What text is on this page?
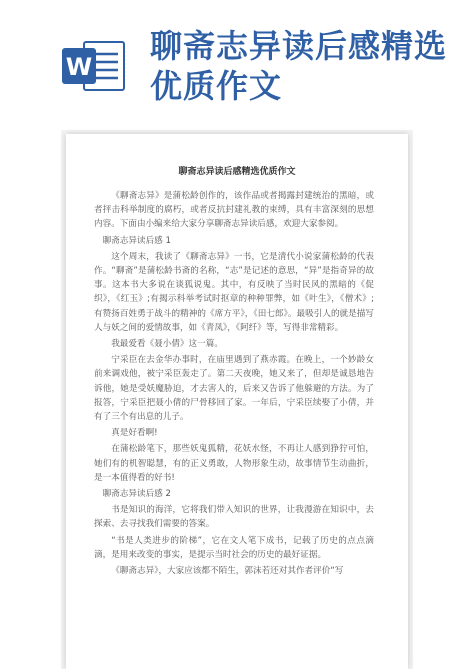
W
聊斋志异读后感精选优质作文
聊斋志异读后感精选优质作文

《聊斋志异》是蒲松龄创作的，该作品或者揭露封建统治的黑暗，或者抨击科举制度的腐朽，或者反抗封建礼教的束缚，具有丰富深刻的思想内容。下面由小编来给大家分享聊斋志异读后感，欢迎大家参阅。

聊斋志异读后感 1

这个周末，我读了《聊斋志异》一书，它是清代小说家蒲松龄的代表作。“聊斋”是蒲松龄书斋的名称，“志”是记述的意思，“异”是指奇异的故事。这本书大多说在谈狐说鬼。其中，有反映了当时民风的黑暗的《促织》，《红玉》;有揭示科举考试时抠章的种种罪弊，如《叶生》，《僧术》;有赞扬百姓勇于战斗的精神的《席方平》，《田七郎》。最吸引人的就是描写人与妖之间的爱情故事，如《青凤》，《阿纤》等，写得非常精彩。

我最爱看《聂小倩》这一篇。

宁采臣在去金华办事时，在庙里遇到了燕赤霞。在晚上，一个妙龄女前来调戏他，被宁采臣轰走了。第二天夜晚，她又来了，但却是诚恳地告诉他，她是受妖魔胁迫，才去害人的，后来又告诉了他躲避的方法。为了报答，宁采臣把聂小倩的尸骨移回了家。一年后，宁采臣续娶了小倩，并有了三个有出息的儿子。

真是好看啊!

在蒲松龄笔下，那些妖鬼狐精，花妖水怪，不再让人感到狰狞可怕，她们有的机智聪慧，有的正义勇敢，人物形象生动，故事情节生动曲折，是一本值得看的好书!

聊斋志异读后感 2

书是知识的海洋，它将我们带入知识的世界，让我漫游在知识中，去探索、去寻找我们需要的答案。

“书是人类进步的阶梯”，它在文人笔下成书，记载了历史的点点滴滴，是用来改变的事实，是提示当时社会的历史的最好证据。

《聊斋志异》，大家应该都不陌生，郭沫若还对其作者评价“写
